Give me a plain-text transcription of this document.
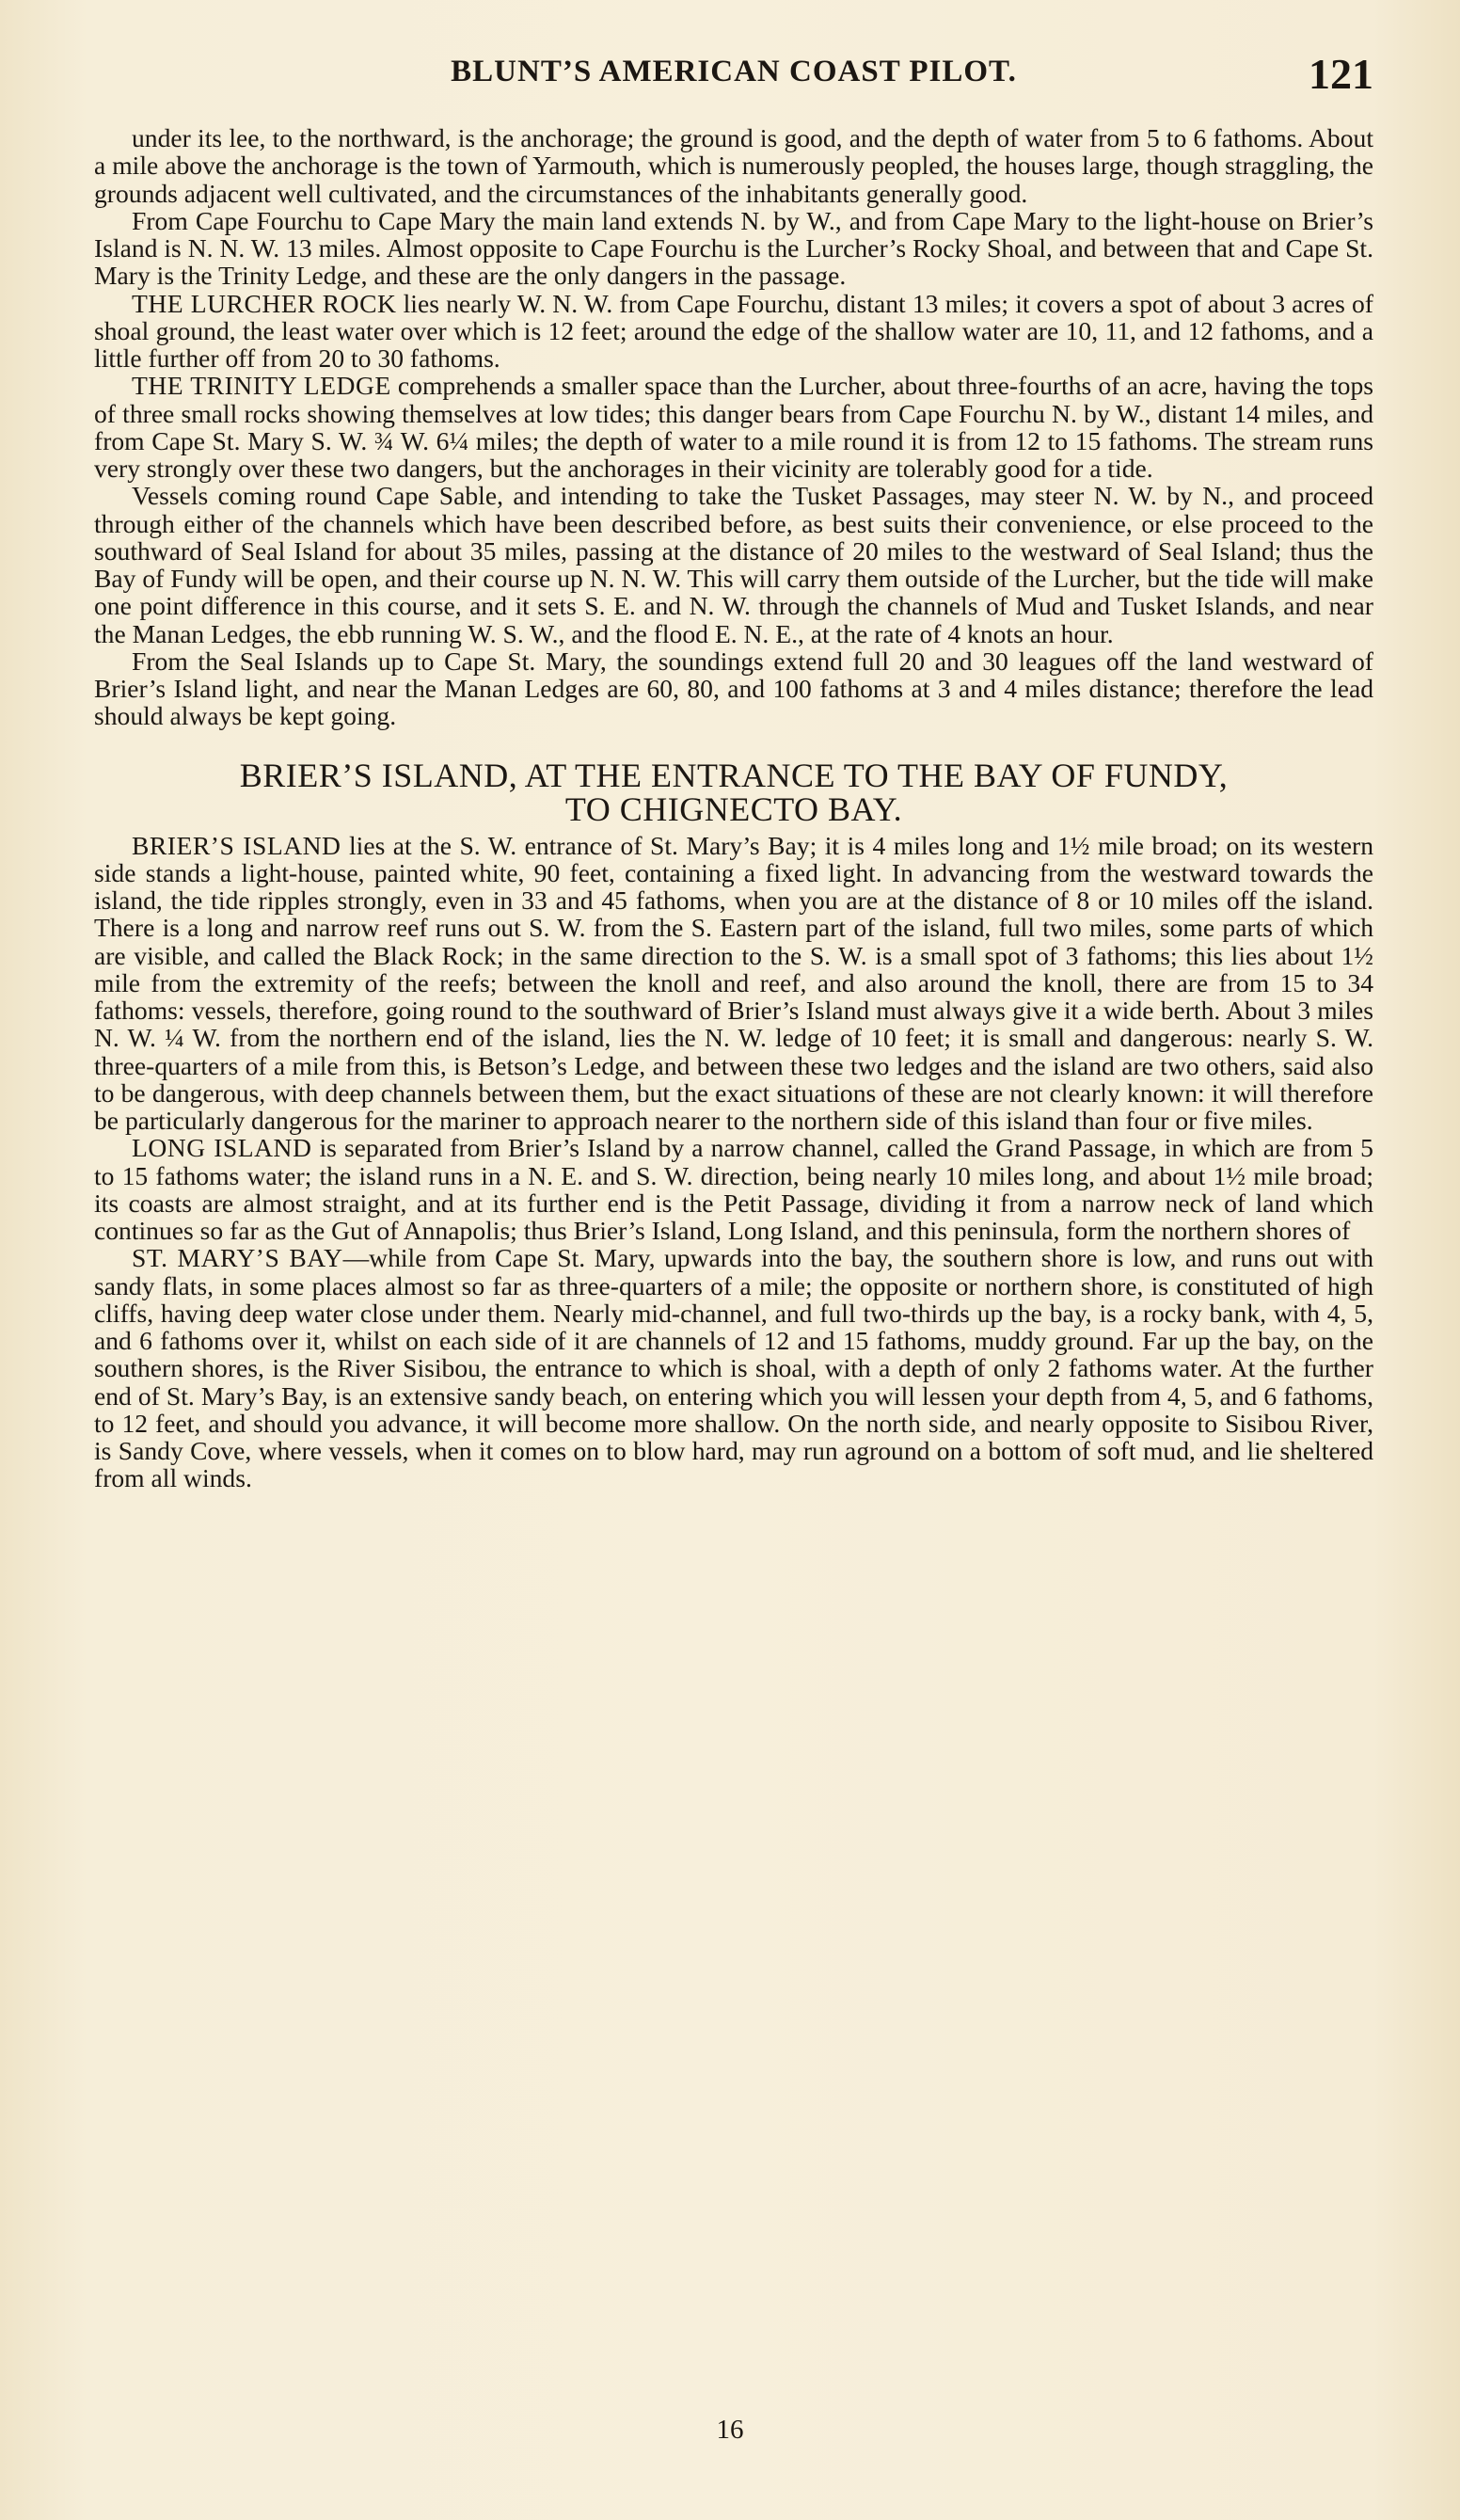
BLUNT’S AMERICAN COAST PILOT.	121

under its lee, to the northward, is the anchorage; the ground is good, and the depth of water from 5 to 6 fathoms. About a mile above the anchorage is the town of Yarmouth, which is numerously peopled, the houses large, though straggling, the grounds adjacent well cultivated, and the circumstances of the inhabitants generally good.

From Cape Fourchu to Cape Mary the main land extends N. by W., and from Cape Mary to the light-house on Brier’s Island is N. N. W. 13 miles. Almost opposite to Cape Fourchu is the Lurcher’s Rocky Shoal, and between that and Cape St. Mary is the Trinity Ledge, and these are the only dangers in the passage.

THE LURCHER ROCK lies nearly W. N. W. from Cape Fourchu, distant 13 miles; it covers a spot of about 3 acres of shoal ground, the least water over which is 12 feet; around the edge of the shallow water are 10, 11, and 12 fathoms, and a little further off from 20 to 30 fathoms.

THE TRINITY LEDGE comprehends a smaller space than the Lurcher, about three-fourths of an acre, having the tops of three small rocks showing themselves at low tides; this danger bears from Cape Fourchu N. by W., distant 14 miles, and from Cape St. Mary S. W. ¾ W. 6¼ miles; the depth of water to a mile round it is from 12 to 15 fathoms. The stream runs very strongly over these two dangers, but the anchorages in their vicinity are tolerably good for a tide.

Vessels coming round Cape Sable, and intending to take the Tusket Passages, may steer N. W. by N., and proceed through either of the channels which have been described before, as best suits their convenience, or else proceed to the southward of Seal Island for about 35 miles, passing at the distance of 20 miles to the westward of Seal Island; thus the Bay of Fundy will be open, and their course up N. N. W. This will carry them outside of the Lurcher, but the tide will make one point difference in this course, and it sets S. E. and N. W. through the channels of Mud and Tusket Islands, and near the Manan Ledges, the ebb running W. S. W., and the flood E. N. E., at the rate of 4 knots an hour.

From the Seal Islands up to Cape St. Mary, the soundings extend full 20 and 30 leagues off the land westward of Brier’s Island light, and near the Manan Ledges are 60, 80, and 100 fathoms at 3 and 4 miles distance; therefore the lead should always be kept going.

BRIER’S ISLAND, AT THE ENTRANCE TO THE BAY OF FUNDY,
TO CHIGNECTO BAY.

BRIER’S ISLAND lies at the S. W. entrance of St. Mary’s Bay; it is 4 miles long and 1½ mile broad; on its western side stands a light-house, painted white, 90 feet, containing a fixed light. In advancing from the westward towards the island, the tide ripples strongly, even in 33 and 45 fathoms, when you are at the distance of 8 or 10 miles off the island. There is a long and narrow reef runs out S. W. from the S. Eastern part of the island, full two miles, some parts of which are visible, and called the Black Rock; in the same direction to the S. W. is a small spot of 3 fathoms; this lies about 1½ mile from the extremity of the reefs; between the knoll and reef, and also around the knoll, there are from 15 to 34 fathoms: vessels, therefore, going round to the southward of Brier’s Island must always give it a wide berth. About 3 miles N. W. ¼ W. from the northern end of the island, lies the N. W. ledge of 10 feet; it is small and dangerous: nearly S. W. three-quarters of a mile from this, is Betson’s Ledge, and between these two ledges and the island are two others, said also to be dangerous, with deep channels between them, but the exact situations of these are not clearly known: it will therefore be particularly dangerous for the mariner to approach nearer to the northern side of this island than four or five miles.

LONG ISLAND is separated from Brier’s Island by a narrow channel, called the Grand Passage, in which are from 5 to 15 fathoms water; the island runs in a N. E. and S. W. direction, being nearly 10 miles long, and about 1½ mile broad; its coasts are almost straight, and at its further end is the Petit Passage, dividing it from a narrow neck of land which continues so far as the Gut of Annapolis; thus Brier’s Island, Long Island, and this peninsula, form the northern shores of

ST. MARY’S BAY—while from Cape St. Mary, upwards into the bay, the southern shore is low, and runs out with sandy flats, in some places almost so far as three-quarters of a mile; the opposite or northern shore, is constituted of high cliffs, having deep water close under them. Nearly mid-channel, and full two-thirds up the bay, is a rocky bank, with 4, 5, and 6 fathoms over it, whilst on each side of it are channels of 12 and 15 fathoms, muddy ground. Far up the bay, on the southern shores, is the River Sisibou, the entrance to which is shoal, with a depth of only 2 fathoms water. At the further end of St. Mary’s Bay, is an extensive sandy beach, on entering which you will lessen your depth from 4, 5, and 6 fathoms, to 12 feet, and should you advance, it will become more shallow. On the north side, and nearly opposite to Sisibou River, is Sandy Cove, where vessels, when it comes on to blow hard, may run aground on a bottom of soft mud, and lie sheltered from all winds.

16
